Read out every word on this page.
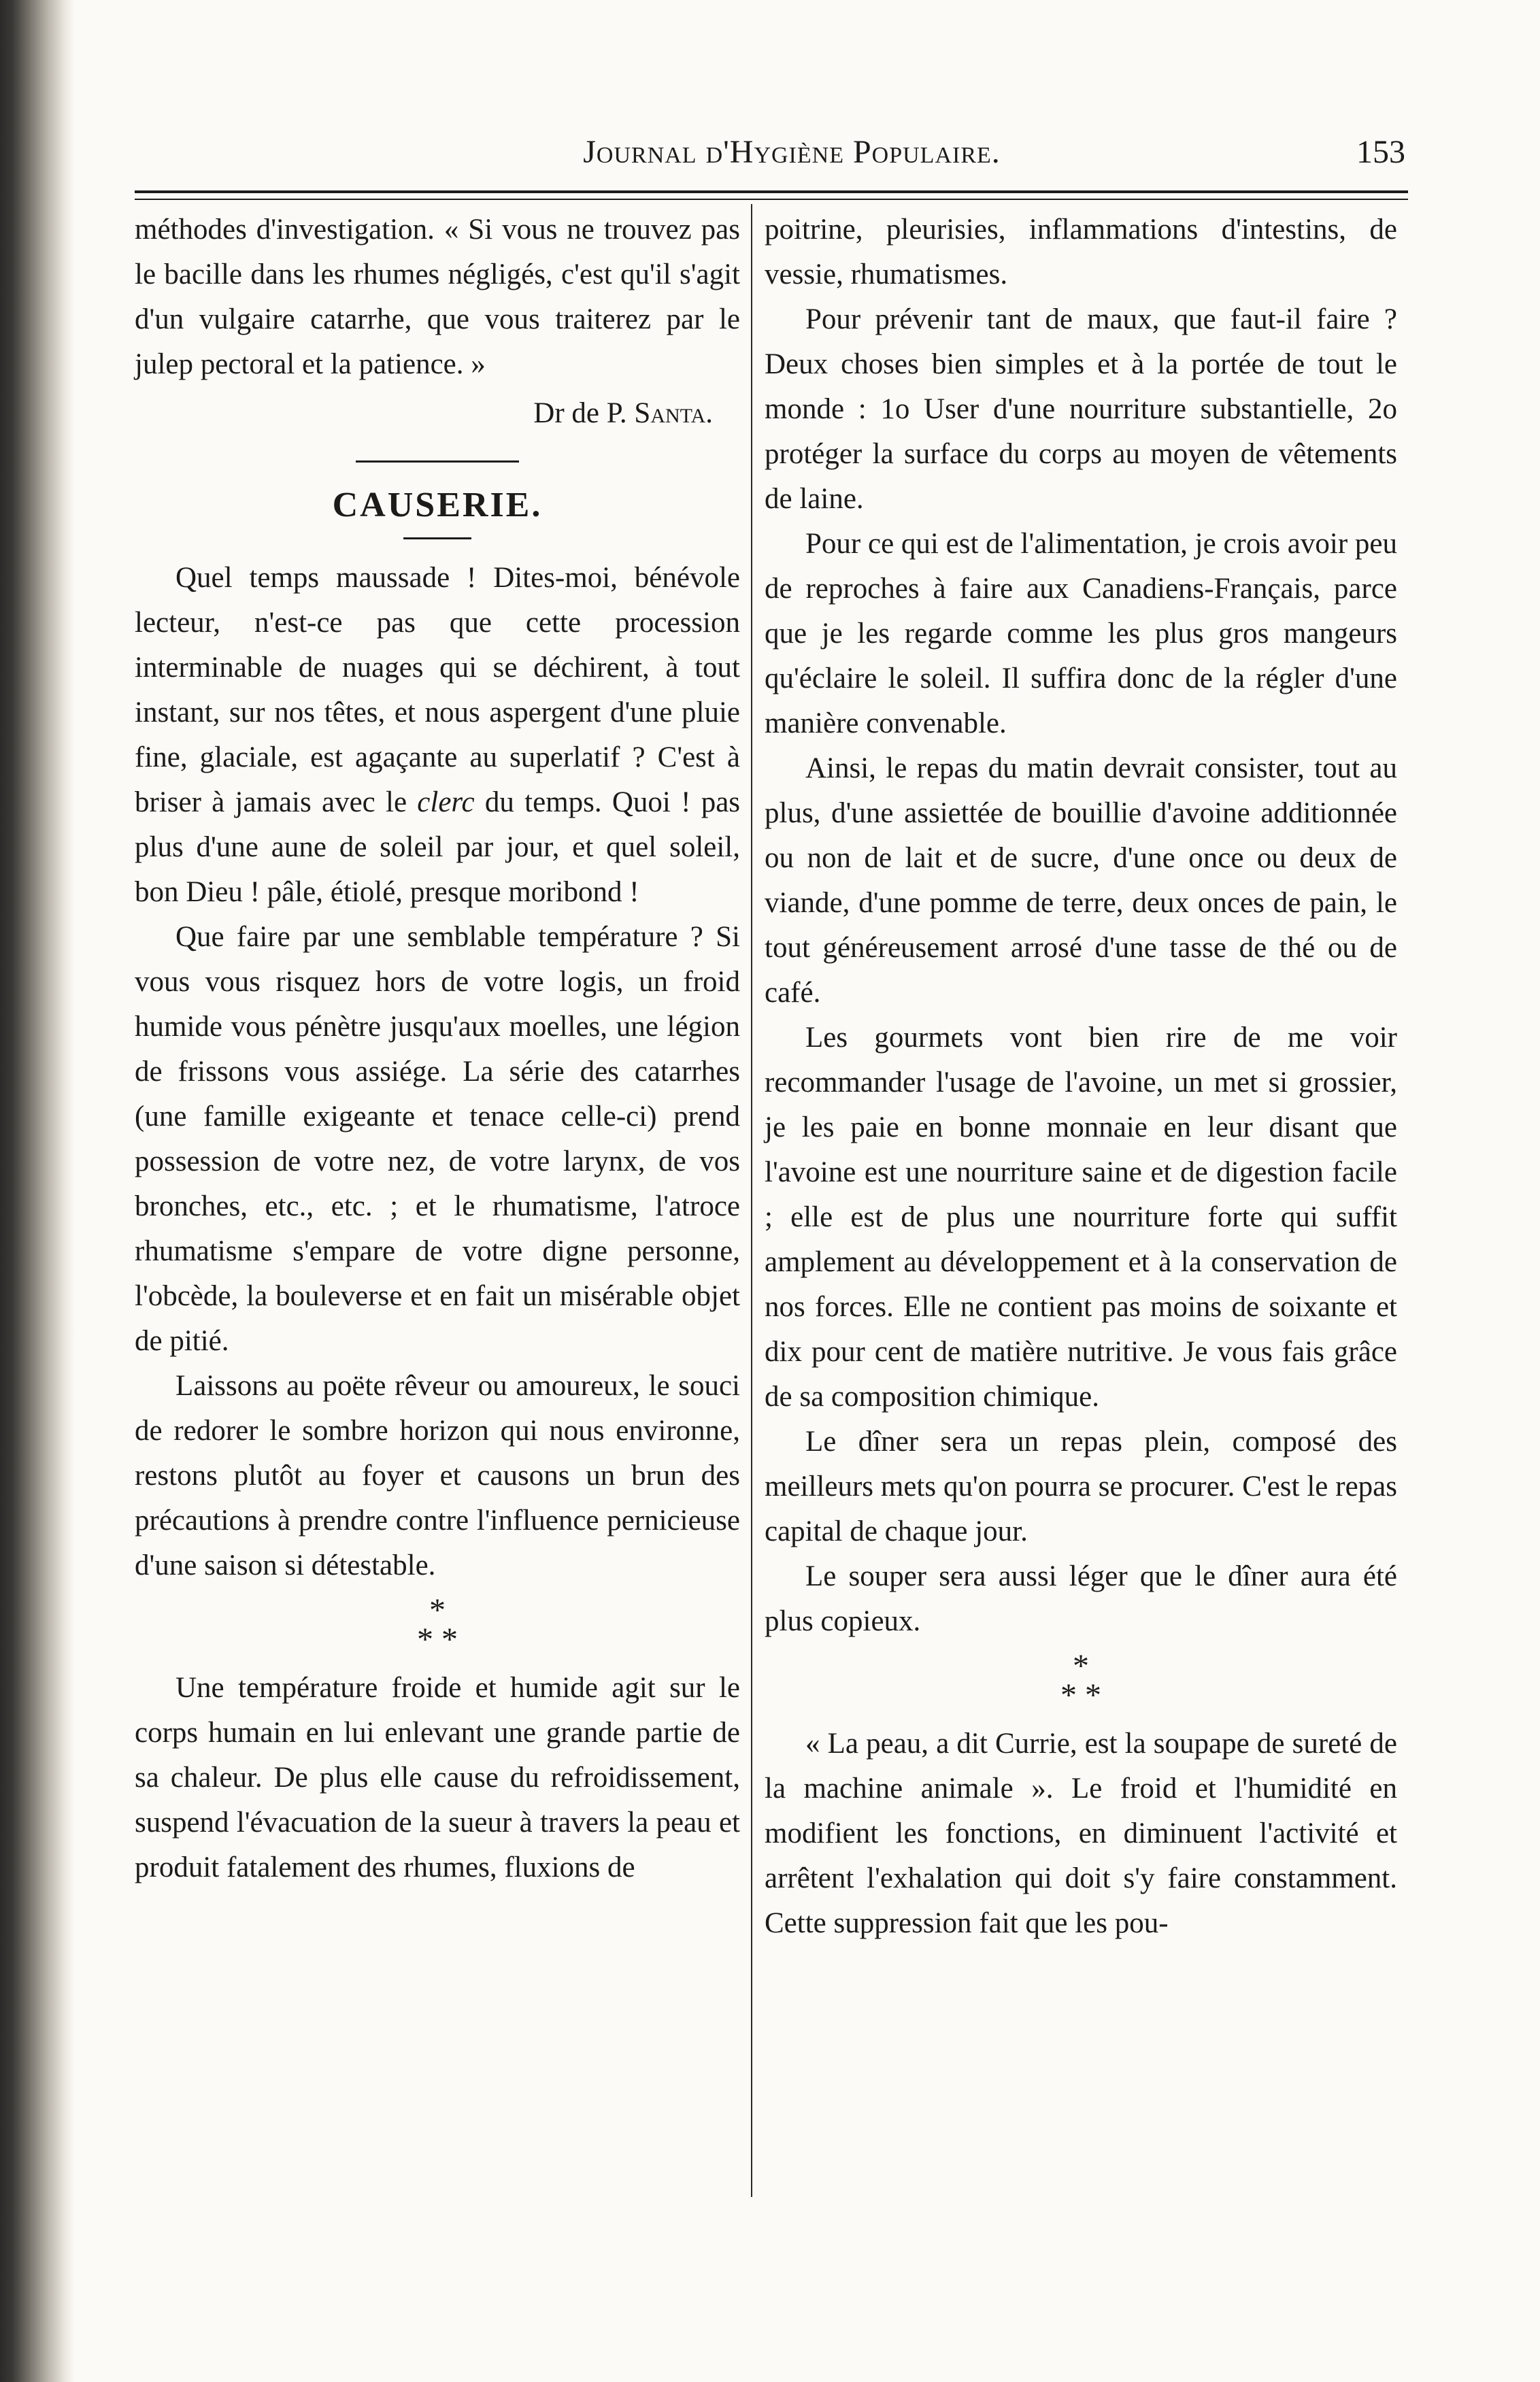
Journal d'Hygiène Populaire.	153

méthodes d'investigation. « Si vous ne trouvez pas le bacille dans les rhumes négligés, c'est qu'il s'agit d'un vulgaire catarrhe, que vous traiterez par le julep pectoral et la patience. »

Dr de P. Santa.

CAUSERIE.

Quel temps maussade ! Dites-moi, bénévole lecteur, n'est-ce pas que cette procession interminable de nuages qui se déchirent, à tout instant, sur nos têtes, et nous aspergent d'une pluie fine, glaciale, est agaçante au superlatif ? C'est à briser à jamais avec le clerc du temps. Quoi ! pas plus d'une aune de soleil par jour, et quel soleil, bon Dieu ! pâle, étiolé, presque moribond !

Que faire par une semblable température ? Si vous vous risquez hors de votre logis, un froid humide vous pénètre jusqu'aux moelles, une légion de frissons vous assiége. La série des catarrhes (une famille exigeante et tenace celle-ci) prend possession de votre nez, de votre larynx, de vos bronches, etc., etc. ; et le rhumatisme, l'atroce rhumatisme s'empare de votre digne personne, l'obcède, la bouleverse et en fait un misérable objet de pitié.

Laissons au poëte rêveur ou amoureux, le souci de redorer le sombre horizon qui nous environne, restons plutôt au foyer et causons un brun des précautions à prendre contre l'influence pernicieuse d'une saison si détestable.

*
* *

Une température froide et humide agit sur le corps humain en lui enlevant une grande partie de sa chaleur. De plus elle cause du refroidissement, suspend l'évacuation de la sueur à travers la peau et produit fatalement des rhumes, fluxions de

poitrine, pleurisies, inflammations d'intestins, de vessie, rhumatismes.

Pour prévenir tant de maux, que faut-il faire ? Deux choses bien simples et à la portée de tout le monde : 1o User d'une nourriture substantielle, 2o protéger la surface du corps au moyen de vêtements de laine.

Pour ce qui est de l'alimentation, je crois avoir peu de reproches à faire aux Canadiens-Français, parce que je les regarde comme les plus gros mangeurs qu'éclaire le soleil. Il suffira donc de la régler d'une manière convenable.

Ainsi, le repas du matin devrait consister, tout au plus, d'une assiettée de bouillie d'avoine additionnée ou non de lait et de sucre, d'une once ou deux de viande, d'une pomme de terre, deux onces de pain, le tout généreusement arrosé d'une tasse de thé ou de café.

Les gourmets vont bien rire de me voir recommander l'usage de l'avoine, un met si grossier, je les paie en bonne monnaie en leur disant que l'avoine est une nourriture saine et de digestion facile ; elle est de plus une nourriture forte qui suffit amplement au développement et à la conservation de nos forces. Elle ne contient pas moins de soixante et dix pour cent de matière nutritive. Je vous fais grâce de sa composition chimique.

Le dîner sera un repas plein, composé des meilleurs mets qu'on pourra se procurer. C'est le repas capital de chaque jour.

Le souper sera aussi léger que le dîner aura été plus copieux.

*
* *

« La peau, a dit Currie, est la soupape de sureté de la machine animale ». Le froid et l'humidité en modifient les fonctions, en diminuent l'activité et arrêtent l'exhalation qui doit s'y faire constamment. Cette suppression fait que les pou-
